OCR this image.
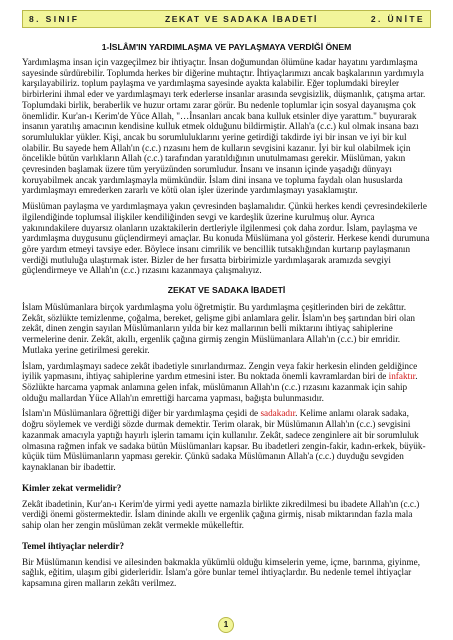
8. SINIF	ZEKAT VE SADAKA İBADETİ	2. ÜNİTE
1-İSLÂM'IN YARDIMLAŞMA VE PAYLAŞMAYA VERDİĞİ ÖNEM

Yardımlaşma insan için vazgeçilmez bir ihtiyaçtır. İnsan doğumundan ölümüne kadar hayatını yardımlaşma sayesinde sürdürebilir. Toplumda herkes bir diğerine muhtaçtır. İhtiyaçlarımızı ancak başkalarının yardımıyla karşılayabiliriz. toplum paylaşma ve yardımlaşma sayesinde ayakta kalabilir. Eğer toplumdaki bireyler birbirlerini ihmal eder ve yardımlaşmayı terk ederlerse insanlar arasında sevgisizlik, düşmanlık, çatışma artar. Toplumdaki birlik, beraberlik ve huzur ortamı zarar görür. Bu nedenle toplumlar için sosyal dayanışma çok önemlidir. Kur'an-ı Kerim'de Yüce Allah, "…İnsanları ancak bana kulluk etsinler diye yarattım." buyurarak insanın yaratılış amacının kendisine kulluk etmek olduğunu bildirmiştir. Allah'a (c.c.) kul olmak insana bazı sorumluluklar yükler. Kişi, ancak bu sorumluluklarını yerine getirdiği takdirde iyi bir insan ve iyi bir kul olabilir. Bu sayede hem Allah'ın (c.c.) rızasını hem de kulların sevgisini kazanır. İyi bir kul olabilmek için öncelikle bütün varlıkların Allah (c.c.) tarafından yaratıldığının unutulmaması gerekir. Müslüman, yakın çevresinden başlamak üzere tüm yeryüzünden sorumludur. İnsanı ve insanın içinde yaşadığı dünyayı koruyabilmek ancak yardımlaşmayla mümkündür. İslam dini insana ve topluma faydalı olan hususlarda yardımlaşmayı emrederken zararlı ve kötü olan işler üzerinde yardımlaşmayı yasaklamıştır.

Müslüman paylaşma ve yardımlaşmaya yakın çevresinden başlamalıdır. Çünkü herkes kendi çevresindekilerle ilgilendiğinde toplumsal ilişkiler kendiliğinden sevgi ve kardeşlik üzerine kurulmuş olur. Ayrıca yakınındakilere duyarsız olanların uzaktakilerin dertleriyle ilgilenmesi çok daha zordur. İslam, paylaşma ve yardımlaşma duygusunu güçlendirmeyi amaçlar. Bu konuda Müslümana yol gösterir. Herkese kendi durumuna göre yardım etmeyi tavsiye eder. Böylece insanı cimrilik ve bencillik tutsaklığından kurtarıp paylaşmanın verdiği mutluluğa ulaştırmak ister. Bizler de her fırsatta birbirimizle yardımlaşarak aramızda sevgiyi güçlendirmeye ve Allah'ın (c.c.) rızasını kazanmaya çalışmalıyız.

ZEKAT VE SADAKA İBADETİ

İslam Müslümanlara birçok yardımlaşma yolu öğretmiştir. Bu yardımlaşma çeşitlerinden biri de zekâttır. Zekât, sözlükte temizlenme, çoğalma, bereket, gelişme gibi anlamlara gelir. İslam'ın beş şartından biri olan zekât, dinen zengin sayılan Müslümanların yılda bir kez mallarının belli miktarını ihtiyaç sahiplerine vermelerine denir. Zekât, akıllı, ergenlik çağına girmiş zengin Müslümanlara Allah'ın (c.c.) bir emridir. Mutlaka yerine getirilmesi gerekir.

İslam, yardımlaşmayı sadece zekât ibadetiyle sınırlandırmaz. Zengin veya fakir herkesin elinden geldiğince iyilik yapmasını, ihtiyaç sahiplerine yardım etmesini ister. Bu noktada önemli kavramlardan biri de infaktır. Sözlükte harcama yapmak anlamına gelen infak, müslümanın Allah'ın (c.c.) rızasını kazanmak için sahip olduğu mallardan Yüce Allah'ın emrettiği harcama yapması, bağışta bulunmasıdır.

İslam'ın Müslümanlara öğrettiği diğer bir yardımlaşma çeşidi de sadakadır. Kelime anlamı olarak sadaka, doğru söylemek ve verdiği sözde durmak demektir. Terim olarak, bir Müslümanın Allah'ın (c.c.) sevgisini kazanmak amacıyla yaptığı hayırlı işlerin tamamı için kullanılır. Zekât, sadece zenginlere ait bir sorumluluk olmasına rağmen infak ve sadaka bütün Müslümanları kapsar. Bu ibadetleri zengin-fakir, kadın-erkek, büyük-küçük tüm Müslümanların yapması gerekir. Çünkü sadaka Müslümanın Allah'a (c.c.) duyduğu sevgiden kaynaklanan bir ibadettir.

Kimler zekat vermelidir?

Zekât ibadetinin, Kur'an-ı Kerim'de yirmi yedi ayette namazla birlikte zikredilmesi bu ibadete Allah'ın (c.c.) verdiği önemi göstermektedir. İslam dininde akıllı ve ergenlik çağına girmiş, nisab miktarından fazla mala sahip olan her zengin müslüman zekât vermekle mükelleftir.

Temel ihtiyaçlar nelerdir?

Bir Müslümanın kendisi ve ailesinden bakmakla yükümlü olduğu kimselerin yeme, içme, barınma, giyinme, sağlık, eğitim, ulaşım gibi giderleridir. İslam'a göre bunlar temel ihtiyaçlardır. Bu nedenle temel ihtiyaçlar kapsamına giren malların zekâtı verilmez.

1
